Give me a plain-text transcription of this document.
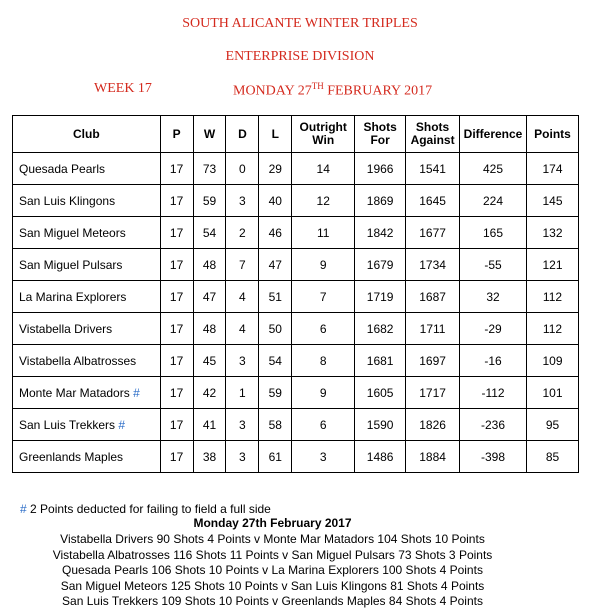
SOUTH ALICANTE WINTER TRIPLES
ENTERPRISE DIVISION
WEEK 17	MONDAY 27TH FEBRUARY 2017
Club	P	W	D	L	Outright Win	Shots For	Shots Against	Difference	Points
Quesada Pearls	17	73	0	29	14	1966	1541	425	174
San Luis Klingons	17	59	3	40	12	1869	1645	224	145
San Miguel Meteors	17	54	2	46	11	1842	1677	165	132
San Miguel Pulsars	17	48	7	47	9	1679	1734	-55	121
La Marina Explorers	17	47	4	51	7	1719	1687	32	112
Vistabella Drivers	17	48	4	50	6	1682	1711	-29	112
Vistabella Albatrosses	17	45	3	54	8	1681	1697	-16	109
Monte Mar Matadors #	17	42	1	59	9	1605	1717	-112	101
San Luis Trekkers #	17	41	3	58	6	1590	1826	-236	95
Greenlands Maples	17	38	3	61	3	1486	1884	-398	85
# 2 Points deducted for failing to field a full side
Monday 27th February 2017
Vistabella Drivers 90 Shots 4 Points v Monte Mar Matadors 104 Shots 10 Points
Vistabella Albatrosses 116 Shots 11 Points v San Miguel Pulsars 73 Shots 3 Points
Quesada Pearls 106 Shots 10 Points v La Marina Explorers 100 Shots 4 Points
San Miguel Meteors 125 Shots 10 Points v San Luis Klingons 81 Shots 4 Points
San Luis Trekkers 109 Shots 10 Points v Greenlands Maples 84 Shots 4 Points
